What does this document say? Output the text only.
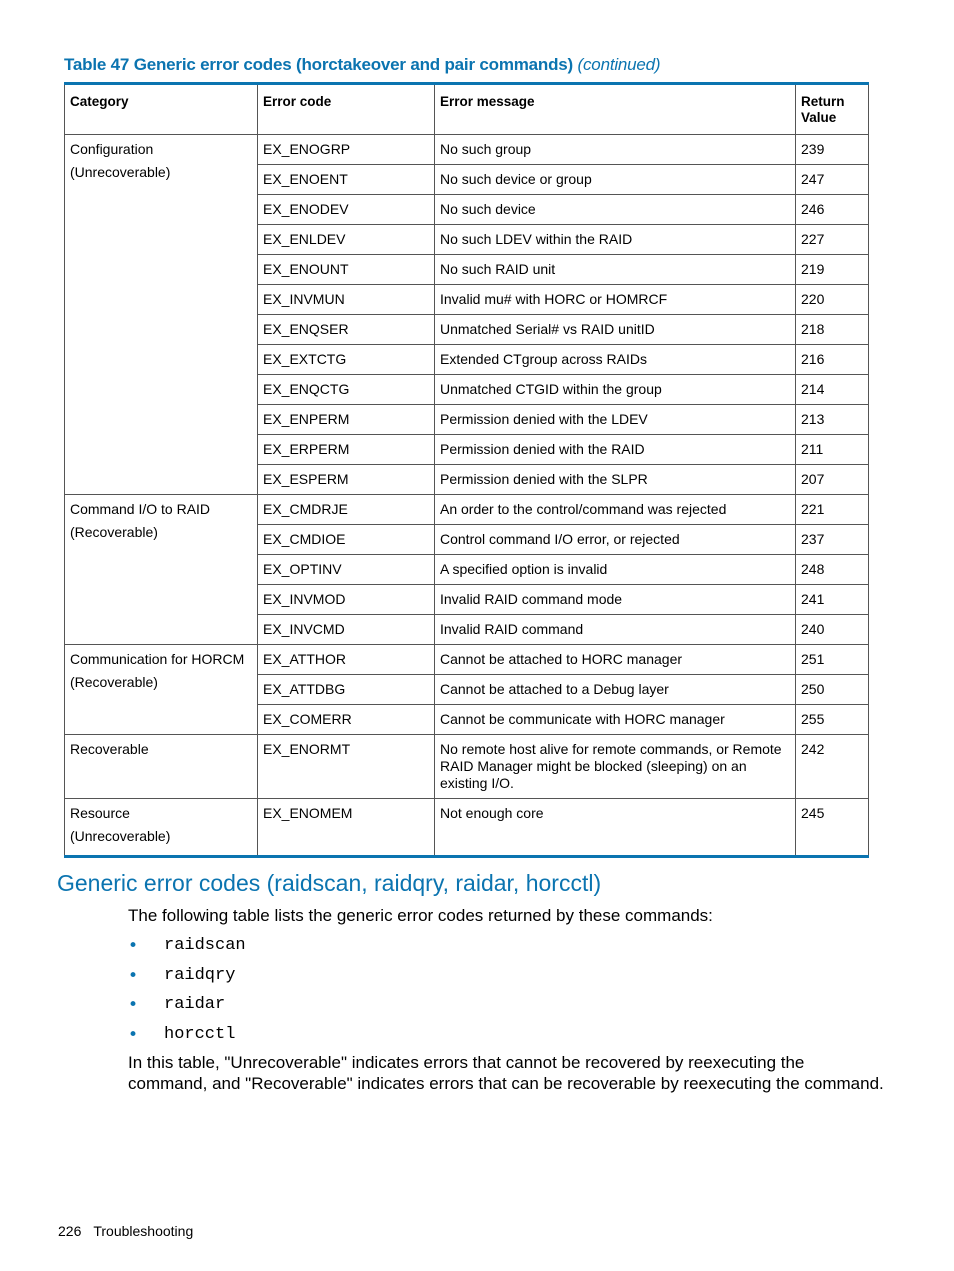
Table 47 Generic error codes (horctakeover and pair commands) (continued)
Category	Error code	Error message	Return Value

Configuration
(Unrecoverable)	EX_ENOGRP	No such group	239
	EX_ENOENT	No such device or group	247
	EX_ENODEV	No such device	246
	EX_ENLDEV	No such LDEV within the RAID	227
	EX_ENOUNT	No such RAID unit	219
	EX_INVMUN	Invalid mu# with HORC or HOMRCF	220
	EX_ENQSER	Unmatched Serial# vs RAID unitID	218
	EX_EXTCTG	Extended CTgroup across RAIDs	216
	EX_ENQCTG	Unmatched CTGID within the group	214
	EX_ENPERM	Permission denied with the LDEV	213
	EX_ERPERM	Permission denied with the RAID	211
	EX_ESPERM	Permission denied with the SLPR	207

Command I/O to RAID
(Recoverable)	EX_CMDRJE	An order to the control/command was rejected	221
	EX_CMDIOE	Control command I/O error, or rejected	237
	EX_OPTINV	A specified option is invalid	248
	EX_INVMOD	Invalid RAID command mode	241
	EX_INVCMD	Invalid RAID command	240

Communication for HORCM
(Recoverable)	EX_ATTHOR	Cannot be attached to HORC manager	251
	EX_ATTDBG	Cannot be attached to a Debug layer	250
	EX_COMERR	Cannot be communicate with HORC manager	255

Recoverable	EX_ENORMT	No remote host alive for remote commands, or Remote RAID Manager might be blocked (sleeping) on an existing I/O.	242

Resource
(Unrecoverable)	EX_ENOMEM	Not enough core	245
Generic error codes (raidscan, raidqry, raidar, horcctl)

The following table lists the generic error codes returned by these commands:

• raidscan
• raidqry
• raidar
• horcctl

In this table, "Unrecoverable" indicates errors that cannot be recovered by reexecuting the command, and "Recoverable" indicates errors that can be recoverable by reexecuting the command.

226 Troubleshooting
